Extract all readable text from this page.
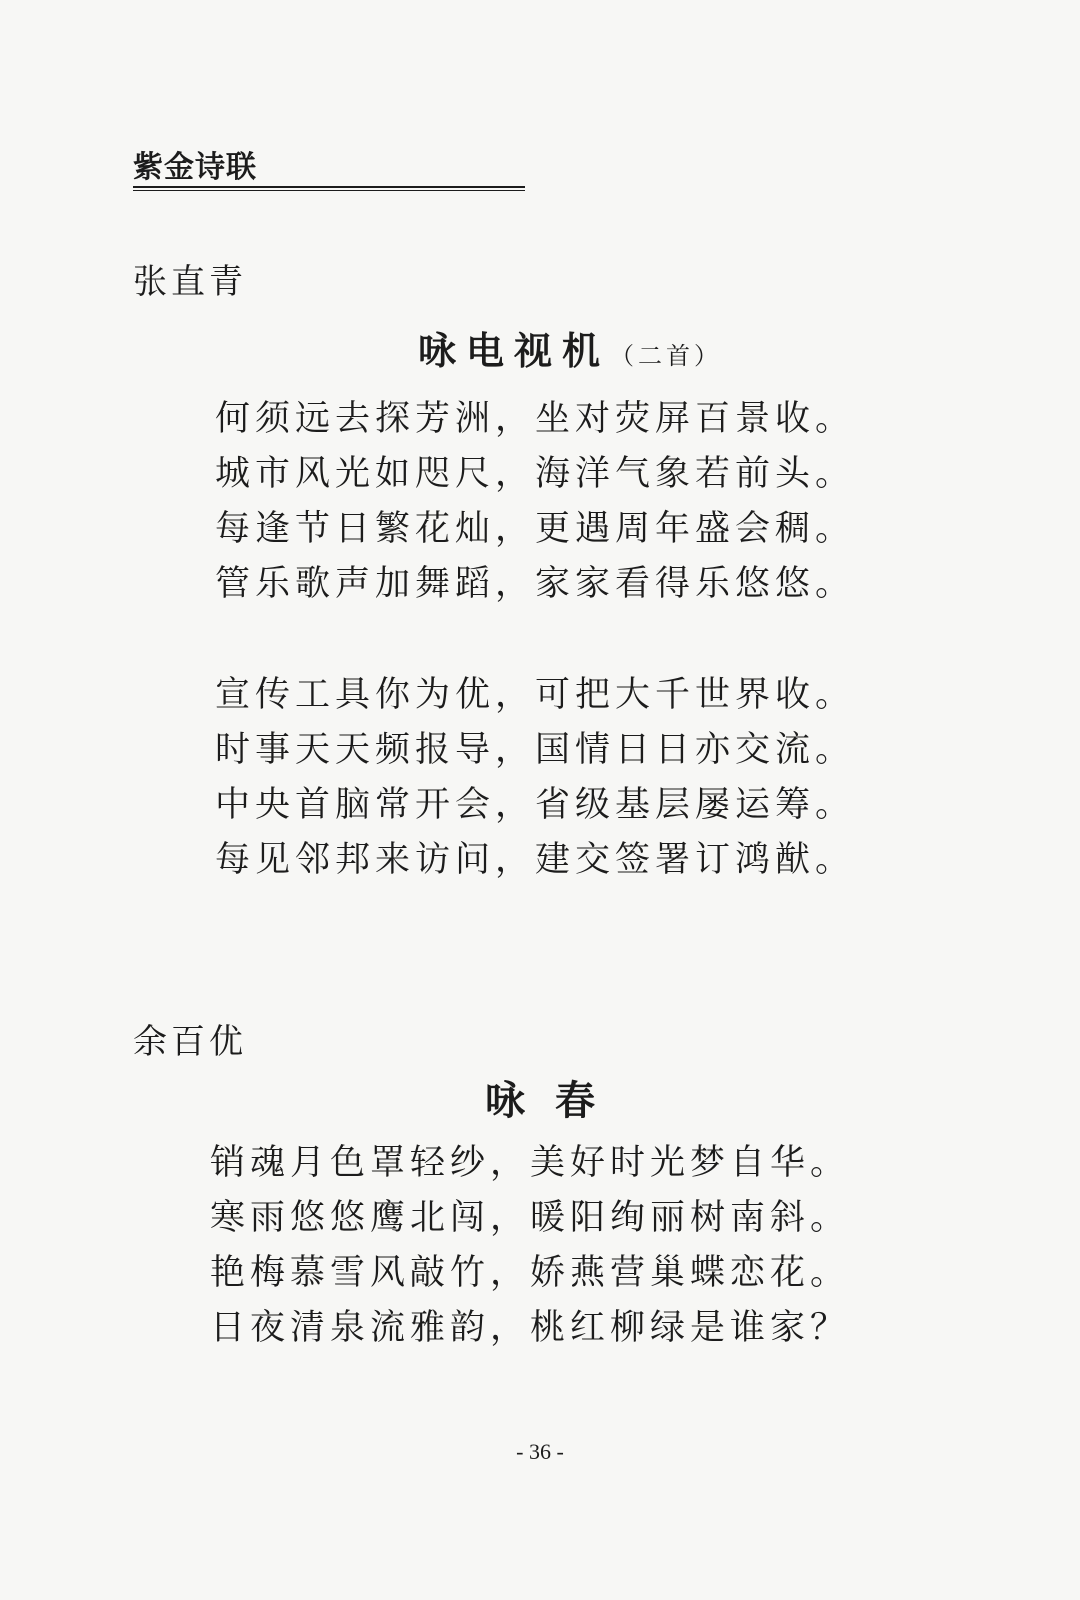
紫金诗联
张直青
咏电视机（二首）
何须远去探芳洲，坐对荧屏百景收。
城市风光如咫尺，海洋气象若前头。
每逢节日繁花灿，更遇周年盛会稠。
管乐歌声加舞蹈，家家看得乐悠悠。
宣传工具你为优，可把大千世界收。
时事天天频报导，国情日日亦交流。
中央首脑常开会，省级基层屡运筹。
每见邻邦来访问，建交签署订鸿猷。
余百优
咏春
销魂月色罩轻纱，美好时光梦自华。
寒雨悠悠鹰北闯，暖阳绚丽树南斜。
艳梅慕雪风敲竹，娇燕营巢蝶恋花。
日夜清泉流雅韵，桃红柳绿是谁家？
- 36 -
